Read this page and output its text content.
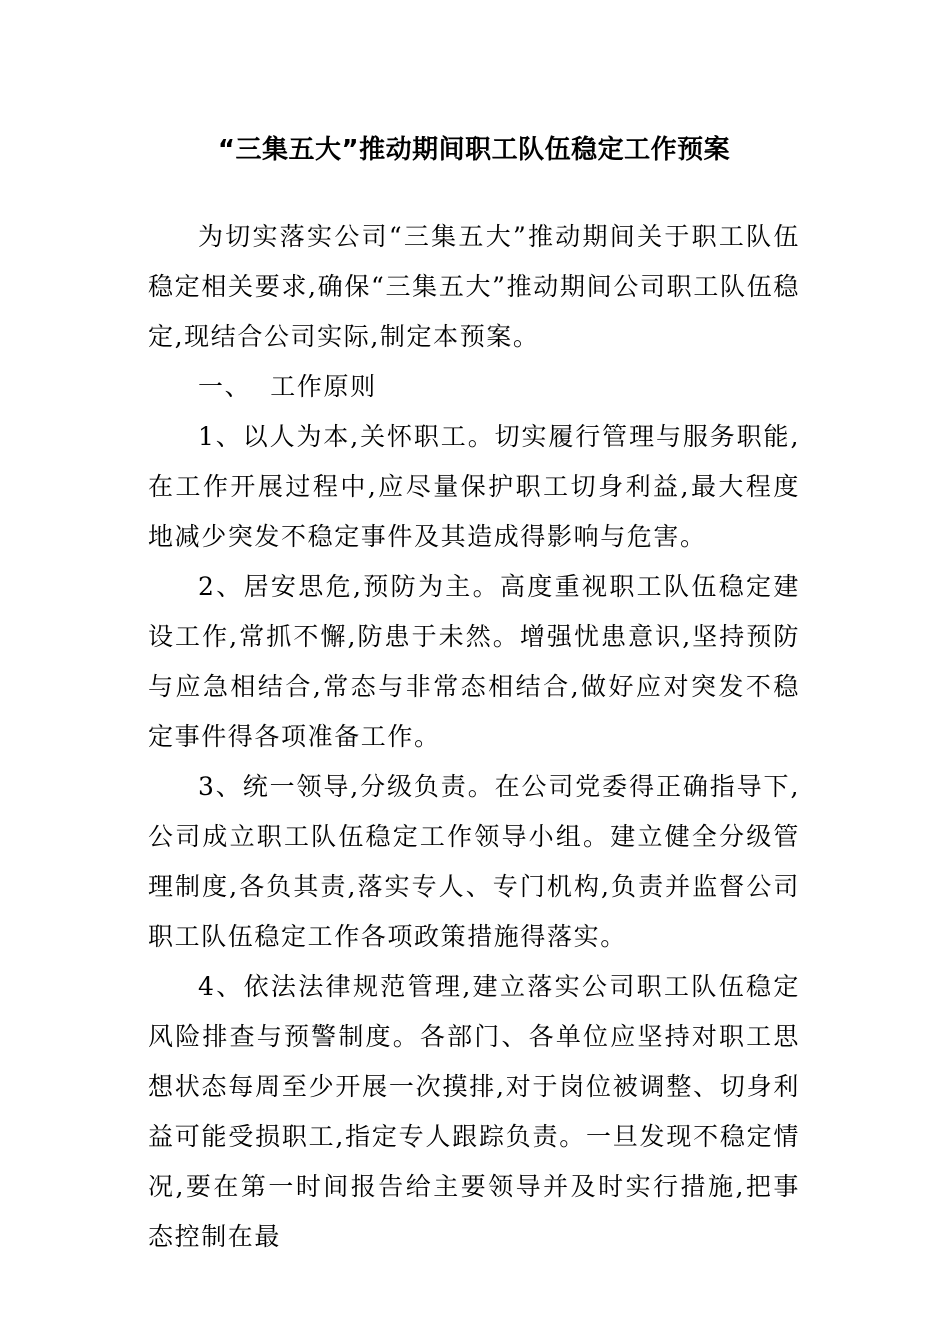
“三集五大”推动期间职工队伍稳定工作预案

为切实落实公司“三集五大”推动期间关于职工队伍稳定相关要求,确保“三集五大”推动期间公司职工队伍稳定,现结合公司实际,制定本预案。

一、  工作原则

1、以人为本,关怀职工。切实履行管理与服务职能,在工作开展过程中,应尽量保护职工切身利益,最大程度地减少突发不稳定事件及其造成得影响与危害。

2、居安思危,预防为主。高度重视职工队伍稳定建设工作,常抓不懈,防患于未然。增强忧患意识,坚持预防与应急相结合,常态与非常态相结合,做好应对突发不稳定事件得各项准备工作。

3、统一领导,分级负责。在公司党委得正确指导下,公司成立职工队伍稳定工作领导小组。建立健全分级管理制度,各负其责,落实专人、专门机构,负责并监督公司职工队伍稳定工作各项政策措施得落实。

4、依法法律规范管理,建立落实公司职工队伍稳定风险排查与预警制度。各部门、各单位应坚持对职工思想状态每周至少开展一次摸排,对于岗位被调整、切身利益可能受损职工,指定专人跟踪负责。一旦发现不稳定情况,要在第一时间报告给主要领导并及时实行措施,把事态控制在最
